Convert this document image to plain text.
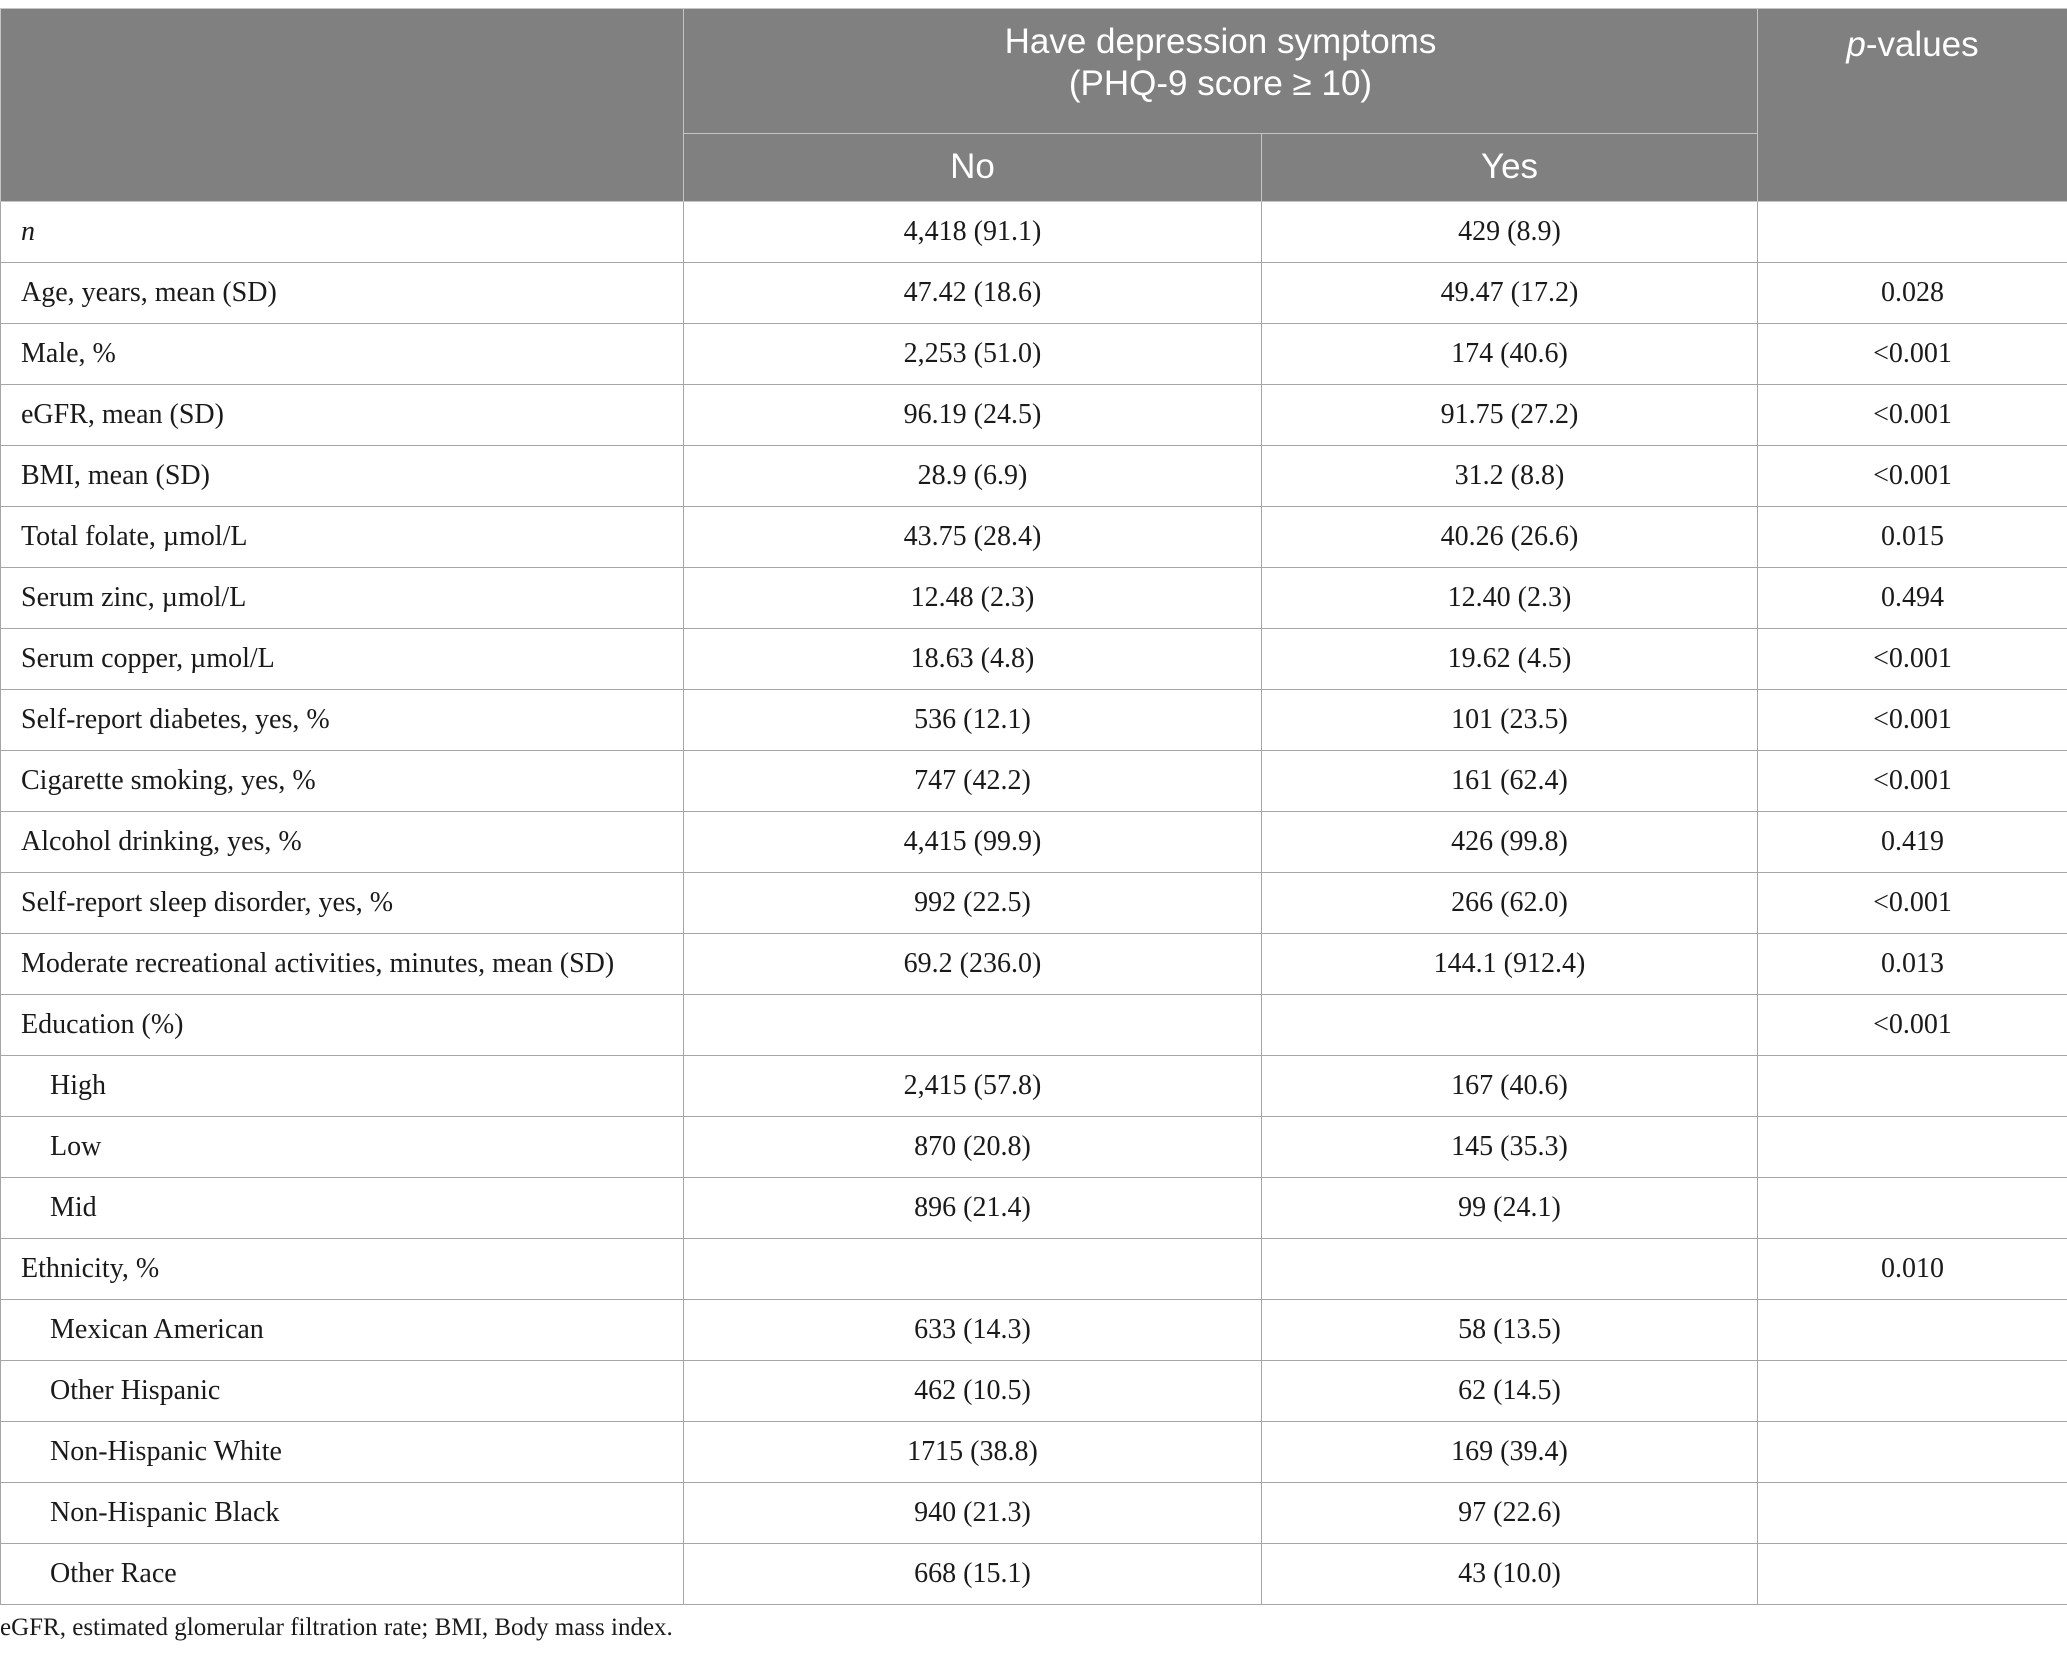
	Have depression symptoms
(PHQ-9 score ≥ 10)		p-values
	No	Yes	
n	4,418 (91.1)	429 (8.9)	
Age, years, mean (SD)	47.42 (18.6)	49.47 (17.2)	0.028
Male, %	2,253 (51.0)	174 (40.6)	<0.001
eGFR, mean (SD)	96.19 (24.5)	91.75 (27.2)	<0.001
BMI, mean (SD)	28.9 (6.9)	31.2 (8.8)	<0.001
Total folate, µmol/L	43.75 (28.4)	40.26 (26.6)	0.015
Serum zinc, µmol/L	12.48 (2.3)	12.40 (2.3)	0.494
Serum copper, µmol/L	18.63 (4.8)	19.62 (4.5)	<0.001
Self-report diabetes, yes, %	536 (12.1)	101 (23.5)	<0.001
Cigarette smoking, yes, %	747 (42.2)	161 (62.4)	<0.001
Alcohol drinking, yes, %	4,415 (99.9)	426 (99.8)	0.419
Self-report sleep disorder, yes, %	992 (22.5)	266 (62.0)	<0.001
Moderate recreational activities, minutes, mean (SD)	69.2 (236.0)	144.1 (912.4)	0.013
Education (%)			<0.001
High	2,415 (57.8)	167 (40.6)	
Low	870 (20.8)	145 (35.3)	
Mid	896 (21.4)	99 (24.1)	
Ethnicity, %			0.010
Mexican American	633 (14.3)	58 (13.5)	
Other Hispanic	462 (10.5)	62 (14.5)	
Non-Hispanic White	1715 (38.8)	169 (39.4)	
Non-Hispanic Black	940 (21.3)	97 (22.6)	
Other Race	668 (15.1)	43 (10.0)	
eGFR, estimated glomerular filtration rate; BMI, Body mass index.
